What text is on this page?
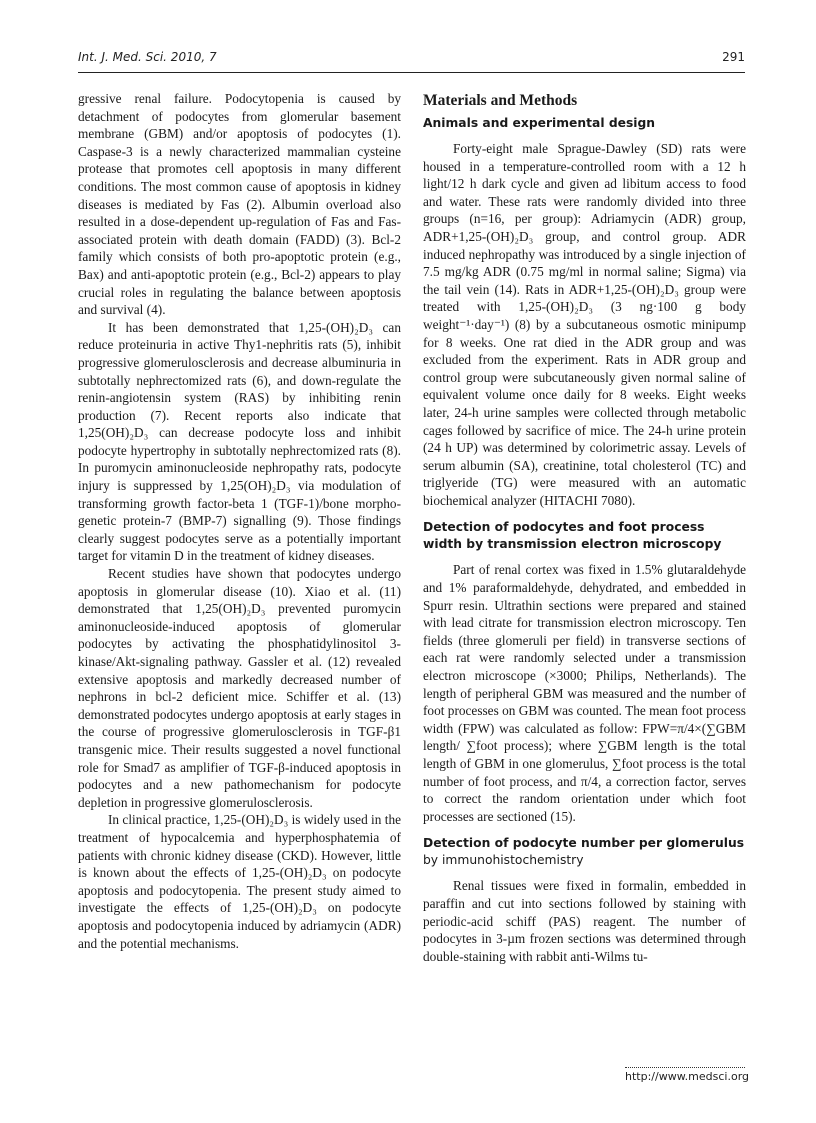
Int. J. Med. Sci. 2010, 7	291

gressive renal failure. Podocytopenia is caused by detachment of podocytes from glomerular basement membrane (GBM) and/or apoptosis of podocytes (1). Caspase-3 is a newly characterized mammalian cysteine protease that promotes cell apoptosis in many different conditions. The most common cause of apoptosis in kidney diseases is mediated by Fas (2). Albumin overload also resulted in a dose-dependent up-regulation of Fas and Fas-associated protein with death domain (FADD) (3). Bcl-2 family which consists of both pro-apoptotic protein (e.g., Bax) and anti-apoptotic protein (e.g., Bcl-2) appears to play crucial roles in regulating the balance between apoptosis and survival (4).

It has been demonstrated that 1,25-(OH)₂D₃ can reduce proteinuria in active Thy1-nephritis rats (5), inhibit progressive glomerulosclerosis and decrease albuminuria in subtotally nephrectomized rats (6), and down-regulate the renin-angiotensin system (RAS) by inhibiting renin production (7). Recent reports also indicate that 1,25(OH)₂D₃ can decrease podocyte loss and inhibit podocyte hypertrophy in subtotally nephrectomized rats (8). In puromycin aminonucleoside nephropathy rats, podocyte injury is suppressed by 1,25(OH)₂D₃ via modulation of transforming growth factor-beta 1 (TGF-1)/bone morphogenetic protein-7 (BMP-7) signalling (9). Those findings clearly suggest podocytes serve as a potentially important target for vitamin D in the treatment of kidney diseases.

Recent studies have shown that podocytes undergo apoptosis in glomerular disease (10). Xiao et al. (11) demonstrated that 1,25(OH)₂D₃ prevented puromycin aminonucleoside-induced apoptosis of glomerular podocytes by activating the phosphatidylinositol 3-kinase/Akt-signaling pathway. Gassler et al. (12) revealed extensive apoptosis and markedly decreased number of nephrons in bcl-2 deficient mice. Schiffer et al. (13) demonstrated podocytes undergo apoptosis at early stages in the course of progressive glomerulosclerosis in TGF-β1 transgenic mice. Their results suggested a novel functional role for Smad7 as amplifier of TGF-β-induced apoptosis in podocytes and a new pathomechanism for podocyte depletion in progressive glomerulosclerosis.

In clinical practice, 1,25-(OH)₂D₃ is widely used in the treatment of hypocalcemia and hyperphosphatemia of patients with chronic kidney disease (CKD). However, little is known about the effects of 1,25-(OH)₂D₃ on podocyte apoptosis and podocytopenia. The present study aimed to investigate the effects of 1,25-(OH)₂D₃ on podocyte apoptosis and podocytopenia induced by adriamycin (ADR) and the potential mechanisms.

Materials and Methods
Animals and experimental design

Forty-eight male Sprague-Dawley (SD) rats were housed in a temperature-controlled room with a 12 h light/12 h dark cycle and given ad libitum access to food and water. These rats were randomly divided into three groups (n=16, per group): Adriamycin (ADR) group, ADR+1,25-(OH)₂D₃ group, and control group. ADR induced nephropathy was introduced by a single injection of 7.5 mg/kg ADR (0.75 mg/ml in normal saline; Sigma) via the tail vein (14). Rats in ADR+1,25-(OH)₂D₃ group were treated with 1,25-(OH)₂D₃ (3 ng·100 g body weight⁻¹·day⁻¹) (8) by a subcutaneous osmotic minipump for 8 weeks. One rat died in the ADR group and was excluded from the experiment. Rats in ADR group and control group were subcutaneously given normal saline of equivalent volume once daily for 8 weeks. Eight weeks later, 24-h urine samples were collected through metabolic cages followed by sacrifice of mice. The 24-h urine protein (24 h UP) was determined by colorimetric assay. Levels of serum albumin (SA), creatinine, total cholesterol (TC) and triglyeride (TG) were measured with an automatic biochemical analyzer (HITACHI 7080).

Detection of podocytes and foot process width by transmission electron microscopy

Part of renal cortex was fixed in 1.5% glutaraldehyde and 1% paraformaldehyde, dehydrated, and embedded in Spurr resin. Ultrathin sections were prepared and stained with lead citrate for transmission electron microscopy. Ten fields (three glomeruli per field) in transverse sections of each rat were randomly selected under a transmission electron microscope (×3000; Philips, Netherlands). The length of peripheral GBM was measured and the number of foot processes on GBM was counted. The mean foot process width (FPW) was calculated as follow: FPW=π/4×(∑GBM length/ ∑foot process); where ∑GBM length is the total length of GBM in one glomerulus, ∑foot process is the total number of foot process, and π/4, a correction factor, serves to correct the random orientation under which foot processes are sectioned (15).

Detection of podocyte number per glomerulus
by immunohistochemistry

Renal tissues were fixed in formalin, embedded in paraffin and cut into sections followed by staining with periodic-acid schiff (PAS) reagent. The number of podocytes in 3-µm frozen sections was determined through double-staining with rabbit anti-Wilms tu-

http://www.medsci.org
